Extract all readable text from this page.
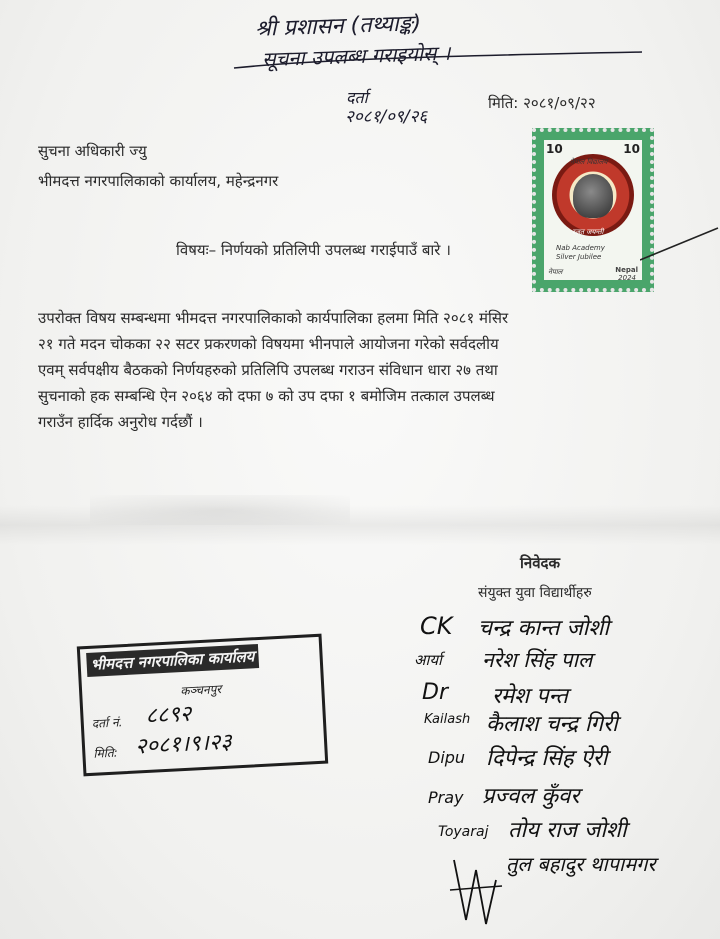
श्री प्रशासन (तथ्याङ्क)
सूचना उपलब्ध गराइयोस् ।
दर्ता
२०८१/०९/२६
मिति: २०८१/०९/२२
सुचना अधिकारी ज्यु
भीमदत्त नगरपालिकाको कार्यालय, महेन्द्रनगर
विषयः– निर्णयको प्रतिलिपी उपलब्ध गराईपाउँ बारे ।
उपरोक्त विषय सम्बन्धमा भीमदत्त नगरपालिकाको कार्यपालिका हलमा मिति २०८१ मंसिर
२१ गते मदन चोकका २२ सटर प्रकरणको विषयमा भीनपाले आयोजना गरेको सर्वदलीय
एवम् सर्वपक्षीय बैठकको निर्णयहरुको प्रतिलिपि उपलब्ध गराउन संविधान धारा २७ तथा
सुचनाको हक सम्बन्धि ऐन २०६४ को दफा ७ को उप दफा १ बमोजिम तत्काल उपलब्ध
गराउँन हार्दिक अनुरोध गर्दछौं ।
10	10
नेपाल विद्यालय
रजत जयन्ती
Nab Academy
Silver Jubilee
नेपाल	Nepal
2024
निवेदक
संयुक्त युवा विद्यार्थीहरु
CK चन्द्र कान्त जोशी
आर्या नरेश सिंह पाल
Dr रमेश पन्त
Kailash कैलाश चन्द्र गिरी
Dipu दिपेन्द्र सिंह ऐरी
Pray प्रज्वल कुँवर
Toyaraj तोय राज जोशी
तुल बहादुर थापामगर
भीमदत्त नगरपालिका कार्यालय
कञ्चनपुर
दर्ता नं. ८८९२
मिति: २०८१।९।२३
